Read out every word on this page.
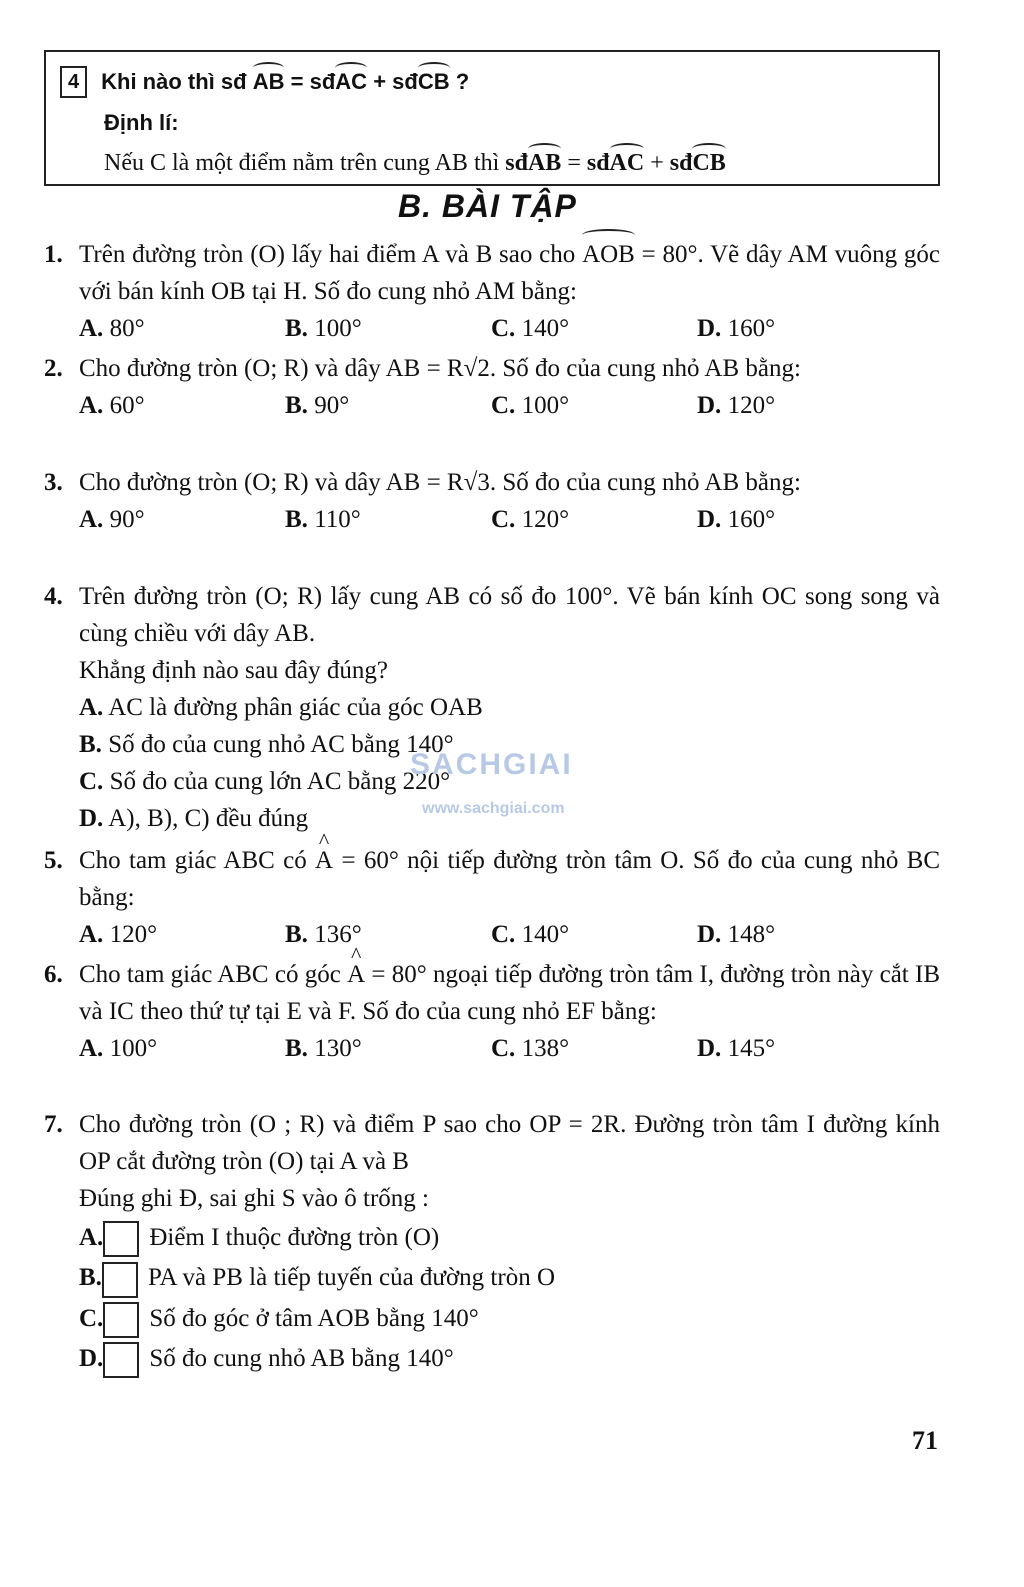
4	Khi nào thì sđ AB = sđAC + sđCB ?
Định lí:
Nếu C là một điểm nằm trên cung AB thì sđAB = sđAC + sđCB
B. BÀI TẬP
1. Trên đường tròn (O) lấy hai điểm A và B sao cho AOB = 80°. Vẽ dây AM vuông góc với bán kính OB tại H. Số đo cung nhỏ AM bằng:
A. 80°	B. 100°	C. 140°	D. 160°
2. Cho đường tròn (O; R) và dây AB = R√2. Số đo của cung nhỏ AB bằng:
A. 60°	B. 90°	C. 100°	D. 120°
3. Cho đường tròn (O; R) và dây AB = R√3. Số đo của cung nhỏ AB bằng:
A. 90°	B. 110°	C. 120°	D. 160°
4. Trên đường tròn (O; R) lấy cung AB có số đo 100°. Vẽ bán kính OC song song và cùng chiều với dây AB.
Khẳng định nào sau đây đúng?
A. AC là đường phân giác của góc OAB
B. Số đo của cung nhỏ AC bằng 140°
C. Số đo của cung lớn AC bằng 220°
D. A), B), C) đều đúng
SACHGIAI
www.sachgiai.com
5. Cho tam giác ABC có ^ A = 60° nội tiếp đường tròn tâm O. Số đo của cung nhỏ BC bằng:
A. 120°	B. 136°	C. 140°	D. 148°
6. Cho tam giác ABC có góc ^ A = 80° ngoại tiếp đường tròn tâm I, đường tròn này cắt IB và IC theo thứ tự tại E và F. Số đo của cung nhỏ EF bằng:
A. 100°	B. 130°	C. 138°	D. 145°
7. Cho đường tròn (O ; R) và điểm P sao cho OP = 2R. Đường tròn tâm I đường kính OP cắt đường tròn (O) tại A và B
Đúng ghi Đ, sai ghi S vào ô trống :
A. Điểm I thuộc đường tròn (O)
B. PA và PB là tiếp tuyến của đường tròn O
C. Số đo góc ở tâm AOB bằng 140°
D. Số đo cung nhỏ AB bằng 140°
71
